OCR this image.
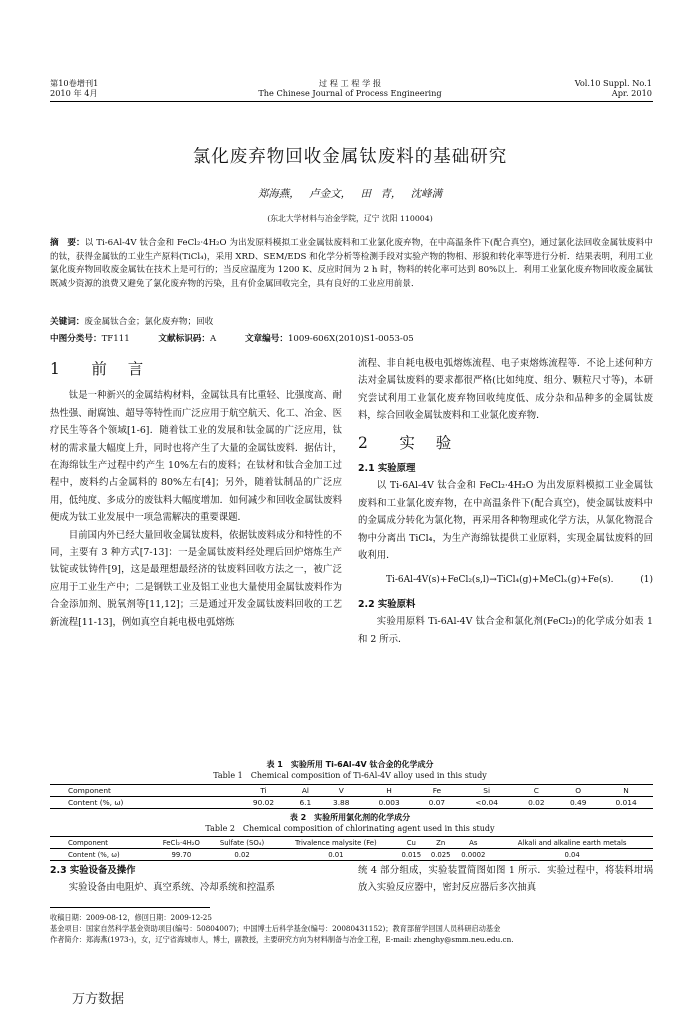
第10卷增刊1
2010 年 4月
过 程 工 程 学 报
The Chinese Journal of Process Engineering
Vol.10 Suppl. No.1
Apr. 2010
氯化废弃物回收金属钛废料的基础研究
郑海燕， 卢金文， 田 青， 沈峰满
(东北大学材料与冶金学院，辽宁 沈阳 110004)
摘　要：以 Ti-6Al-4V 钛合金和 FeCl₂·4H₂O 为出发原料模拟工业金属钛废料和工业氯化废弃物，在中高温条件下(配合真空)，通过氯化法回收金属钛废料中的钛，获得金属钛的工业生产原料(TiCl₄)，采用 XRD、SEM/EDS 和化学分析等检测手段对实验产物的物相、形貌和转化率等进行分析．结果表明，利用工业氯化废弃物回收废金属钛在技术上是可行的；当反应温度为 1200 K、反应时间为 2 h 时，物料的转化率可达到 80%以上．利用工业氯化废弃物回收废金属钛既减少资源的浪费又避免了氯化废弃物的污染，且有价金属回收完全，具有良好的工业应用前景．
关键词：废金属钛合金；氯化废弃物；回收
中图分类号：TF111	文献标识码：A	文章编号：1009-606X(2010)S1-0053-05
1　前 言

钛是一种新兴的金属结构材料，金属钛具有比重轻、比强度高、耐热性强、耐腐蚀、超导等特性而广泛应用于航空航天、化工、冶金、医疗民生等各个领域[1-6]．随着钛工业的发展和钛金属的广泛应用，钛材的需求量大幅度上升，同时也将产生了大量的金属钛废料．据估计，在海绵钛生产过程中约产生 10%左右的废料；在钛材和钛合金加工过程中，废料约占金属料的 80%左右[4]；另外，随着钛制品的广泛应用，低纯度、多成分的废钛料大幅度增加．如何减少和回收金属钛废料便成为钛工业发展中一项急需解决的重要课题．

目前国内外已经大量回收金属钛废料，依据钛废料成分和特性的不同，主要有 3 种方式[7-13]：一是金属钛废料经处理后回炉熔炼生产钛锭或钛铸件[9]，这是最理想最经济的钛废料回收方法之一，被广泛应用于工业生产中；二是钢铁工业及铝工业也大量使用金属钛废料作为合金添加剂、脱氧剂等[11,12]；三是通过开发金属钛废料回收的工艺新流程[11-13]，例如真空自耗电极电弧熔炼

流程、非自耗电极电弧熔炼流程、电子束熔炼流程等．不论上述何种方法对金属钛废料的要求都很严格(比如纯度、组分、颗粒尺寸等)，本研究尝试利用工业氯化废弃物回收纯度低、成分杂和品种多的金属钛废料，综合回收金属钛废料和工业氯化废弃物．

2　实 验
2.1 实验原理

以 Ti-6Al-4V 钛合金和 FeCl₂·4H₂O 为出发原料模拟工业金属钛废料和工业氯化废弃物，在中高温条件下(配合真空)，使金属钛废料中的金属成分转化为氯化物，再采用各种物理或化学方法，从氯化物混合物中分离出 TiCl₄，为生产海绵钛提供工业原料，实现金属钛废料的回收利用．

Ti-6Al-4V(s)+FeCl₂(s,l)→TiCl₄(g)+MeClₓ(g)+Fe(s).	(1)
2.2 实验原料

实验用原料 Ti-6Al-4V 钛合金和氯化剂(FeCl₂)的化学成分如表 1 和 2 所示．

表 1　实验所用 Ti-6Al-4V 钛合金的化学成分
Table 1　Chemical composition of Ti-6Al-4V alloy used in this study
Component	Ti	Al	V	H	Fe	Si	C	O	N
Content (%, ω)	90.02	6.1	3.88	0.003	0.07	<0.04	0.02	0.49	0.014
表 2　实验所用氯化剂的化学成分
Table 2　Chemical composition of chlorinating agent used in this study
Component	FeCl₂·4H₂O	Sulfate (SO₄)	Trivalence malysite (Fe)	Cu	Zn	As	Alkali and alkaline earth metals
Content (%, ω)	99.70	0.02	0.01	0.015	0.025	0.0002	0.04
2.3 实验设备及操作

实验设备由电阻炉、真空系统、冷却系统和控温系

统 4 部分组成，实验装置简图如图 1 所示．实验过程中，将装料坩埚放入实验反应器中，密封反应器后多次抽真

收稿日期：2009-08-12，修回日期：2009-12-25
基金项目：国家自然科学基金资助项目(编号：50804007)；中国博士后科学基金(编号：20080431152)；教育部留学回国人员科研启动基金
作者简介：郑海燕(1973-)，女，辽宁省海城市人，博士，副教授，主要研究方向为材料制备与冶金工程，E-mail: zhenghy@smm.neu.edu.cn.
万方数据
